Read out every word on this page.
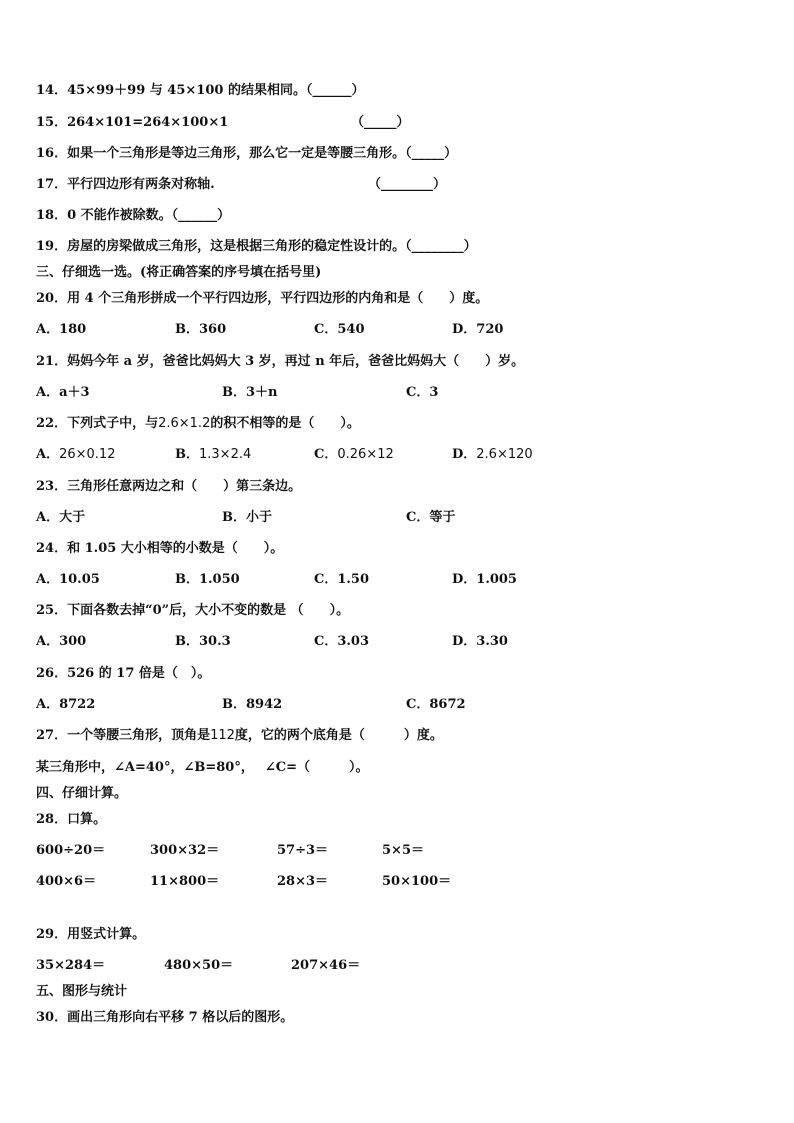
14．45×99＋99 与 45×100 的结果相同。（______）
15．264×101=264×100×1	（_____）
16．如果一个三角形是等边三角形，那么它一定是等腰三角形。（_____）
17．平行四边形有两条对称轴.	（________）
18．0 不能作被除数。（______）
19．房屋的房梁做成三角形，这是根据三角形的稳定性设计的。（________）
三、仔细选一选。(将正确答案的序号填在括号里)
20．用 4 个三角形拼成一个平行四边形，平行四边形的内角和是（　　）度。
A．180	B．360	C．540	D．720
21．妈妈今年 a 岁，爸爸比妈妈大 3 岁，再过 n 年后，爸爸比妈妈大（　　）岁。
A．a＋3	B．3＋n	C．3
22．下列式子中，与2.6×1.2的积不相等的是（　　）。
A．26×0.12	B．1.3×2.4	C．0.26×12	D．2.6×120
23．三角形任意两边之和（　　）第三条边。
A．大于	B．小于	C．等于
24．和 1.05 大小相等的小数是（　　）。
A．10.05	B．1.050	C．1.50	D．1.005
25．下面各数去掉“0”后，大小不变的数是 （　　）。
A．300	B．30.3	C．3.03	D．3.30
26．526 的 17 倍是（　）。
A．8722	B．8942	C．8672
27．一个等腰三角形，顶角是112度，它的两个底角是（　　　）度。
某三角形中，∠A=40°，∠B=80°，　 ∠C=（　　　）。
四、仔细计算。
28．口算。
600÷20＝	300×32＝	57÷3＝	5×5＝
400×6＝	11×800＝	28×3＝	50×100＝
29．用竖式计算。
35×284＝	480×50＝	207×46＝
五、图形与统计
30．画出三角形向右平移 7 格以后的图形。
